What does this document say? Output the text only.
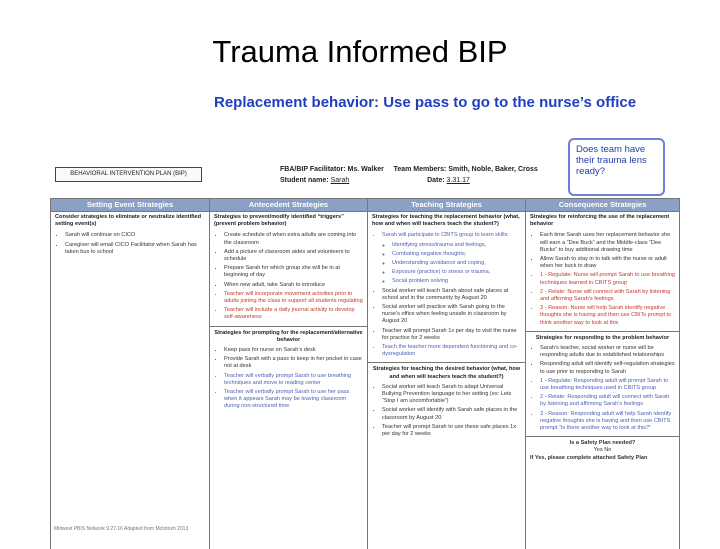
Trauma Informed BIP
Replacement behavior: Use pass to go to the nurse’s office
BEHAVIORAL INTERVENTION PLAN (BIP)
FBA/BIP Facilitator: Ms. Walker Team Members: Smith, Noble, Baker, Cross
Student name: Sarah	Date: 3.31.17
Does team have their trauma lens ready?
Setting Event Strategies
Consider strategies to eliminate or neutralize identified setting event(s)
• Sarah will continue on CICO
• Caregiver will email CICO Facilitator when Sarah has taken bus to school
Antecedent Strategies
Strategies to prevent/modify identified “triggers” (prevent problem behavior)
• Create schedule of when extra adults are coming into the classroom
• Add a picture of classroom aides and volunteers to schedule
• Prepare Sarah for which group she will be in at beginning of day
• When new adult, take Sarah to introduce
• Teacher will incorporate movement activities prior to adults joining the class to support all students regulating
• Teacher will include a daily journal activity to develop self-awareness
Strategies for prompting for the replacement/alternative behavior
• Keep pass for nurse on Sarah’s desk
• Provide Sarah with a pass to keep in her pocket in case not at desk
• Teacher will verbally prompt Sarah to use breathing techniques and move to reading center
• Teacher will verbally prompt Sarah to use her pass when it appears Sarah may be leaving classroom during non-structured time
Teaching Strategies
Strategies for teaching the replacement behavior (what, how and when will teachers teach the student?)
• Sarah will participate in CBITS group to learn skills:
◦ Identifying stress/trauma and feelings,
◦ Combating negative thoughts,
◦ Understanding avoidance and coping,
◦ Exposure (practice) to stress or trauma,
◦ Social problem solving
• Social worker will teach Sarah about safe places at school and in the community by August 20
• Social worker will practice with Sarah going to the nurse’s office when feeling unsafe in classroom by August 20
• Teacher will prompt Sarah 1x per day to visit the nurse for practice for 2 weeks
• Teach the teacher more dependent functioning and co-dysregulation
Strategies for teaching the desired behavior (what, how and when will teachers teach the student?)
• Social worker will teach Sarah to adapt Universal Bullying Prevention language to her setting (ex: Lets “Stop I am uncomfortable”)
• Social worker will identify with Sarah safe places in the classroom by August 20
• Teacher will prompt Sarah to use these safe places 1x per day for 2 weeks
Consequence Strategies
Strategies for reinforcing the use of the replacement behavior
• Each time Sarah uses her replacement behavior she will earn a “Dee Buck” and the Middle-class “Dee Bucks” to buy additional drawing time
• Allow Sarah to stay in to talk with the nurse or adult when her buck to draw
• 1 - Regulate: Nurse will prompt Sarah to use breathing techniques learned in CBITS group
• 2 - Relate: Nurse will connect with Sarah by listening and affirming Sarah’s feelings
• 3 - Reason: Nurse will help Sarah identify negative thoughts she is having and then use CBITs prompt to think another way to look at this
Strategies for responding to the problem behavior
• Sarah’s teacher, social worker or nurse will be responding adults due to established relationships
• Responding adult will identify self-regulation strategies to use prior to responding to Sarah
• 1 - Regulate: Responding adult will prompt Sarah to use breathing techniques used in CBITS group
• 2 - Relate: Responding adult will connect with Sarah by listening and affirming Sarah’s feelings
• 3 - Reason: Responding adult will help Sarah identify negative thoughts she is having and then use CBITS prompt “Is there another way to look at this?”
Is a Safety Plan needed?
Yes No
If Yes, please complete attached Safety Plan
Midwest PBIS Network 9.27.16 Adapted from McIntosh 2013
